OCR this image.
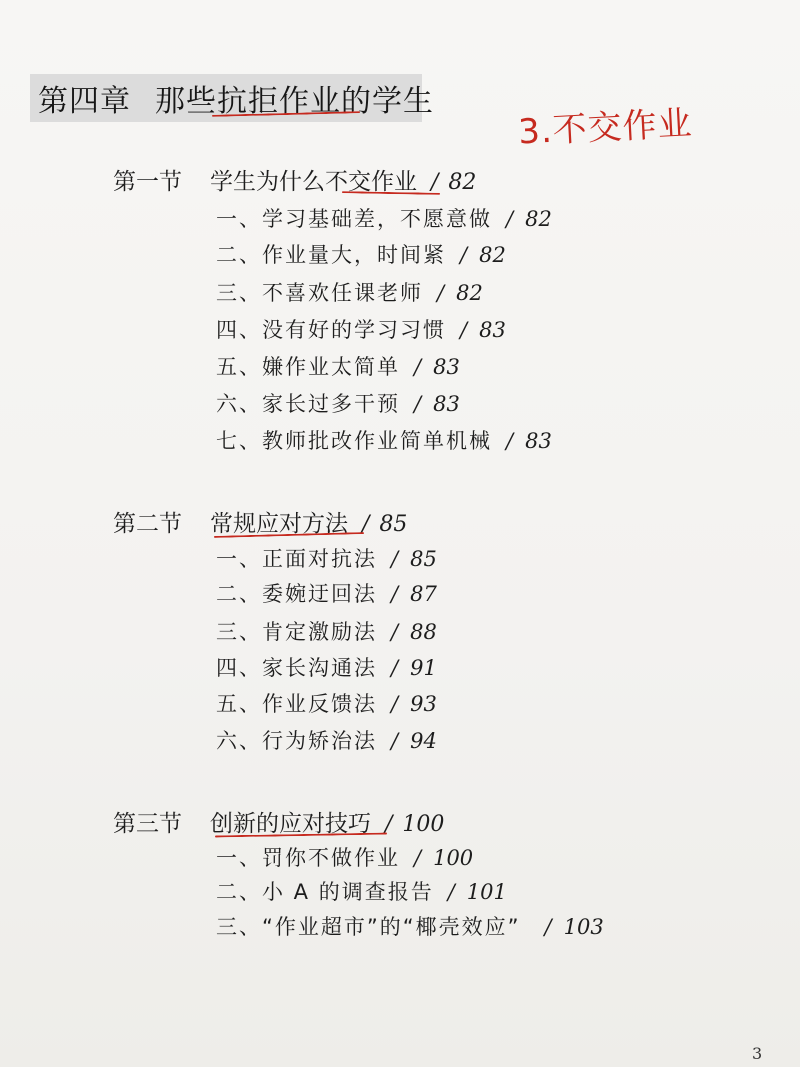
第四章 那些抗拒作业的学生
3.不交作业
第一节 学生为什么不交作业 / 82
一、学习基础差，不愿意做 / 82
二、作业量大，时间紧 / 82
三、不喜欢任课老师 / 82
四、没有好的学习习惯 / 83
五、嫌作业太简单 / 83
六、家长过多干预 / 83
七、教师批改作业简单机械 / 83
第二节 常规应对方法 / 85
一、正面对抗法 / 85
二、委婉迂回法 / 87
三、肯定激励法 / 88
四、家长沟通法 / 91
五、作业反馈法 / 93
六、行为矫治法 / 94
第三节 创新的应对技巧 / 100
一、罚你不做作业 / 100
二、小 A 的调查报告 / 101
三、“作业超市”的“椰壳效应” / 103
3
